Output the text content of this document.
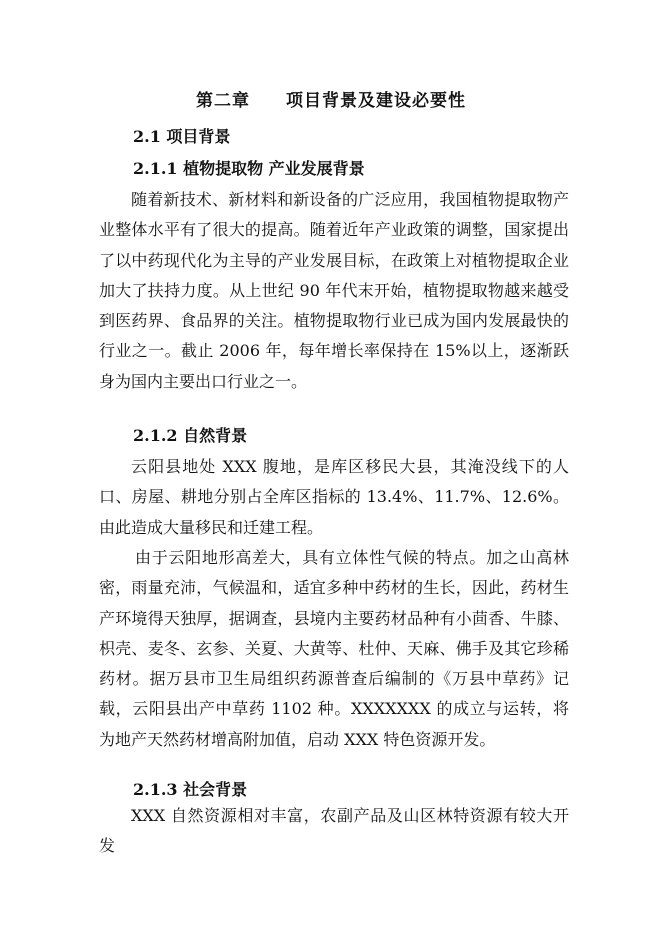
第二章 项目背景及建设必要性
2.1 项目背景
2.1.1 植物提取物 产业发展背景

随着新技术、新材料和新设备的广泛应用，我国植物提取物产业整体水平有了很大的提高。随着近年产业政策的调整，国家提出了以中药现代化为主导的产业发展目标，在政策上对植物提取企业加大了扶持力度。从上世纪 90 年代末开始，植物提取物越来越受到医药界、食品界的关注。植物提取物行业已成为国内发展最快的行业之一。截止 2006 年，每年增长率保持在 15%以上，逐渐跃身为国内主要出口行业之一。

2.1.2 自然背景

云阳县地处 XXX 腹地，是库区移民大县，其淹没线下的人口、房屋、耕地分别占全库区指标的 13.4%、11.7%、12.6%。由此造成大量移民和迁建工程。

由于云阳地形高差大，具有立体性气候的特点。加之山高林密，雨量充沛，气候温和，适宜多种中药材的生长，因此，药材生产环境得天独厚，据调查，县境内主要药材品种有小茴香、牛膝、枳壳、麦冬、玄参、关夏、大黄等、杜仲、天麻、佛手及其它珍稀药材。据万县市卫生局组织药源普查后编制的《万县中草药》记载，云阳县出产中草药 1102 种。XXXXXXX 的成立与运转，将为地产天然药材增高附加值，启动 XXX 特色资源开发。

2.1.3 社会背景

XXX 自然资源相对丰富，农副产品及山区林特资源有较大开发
